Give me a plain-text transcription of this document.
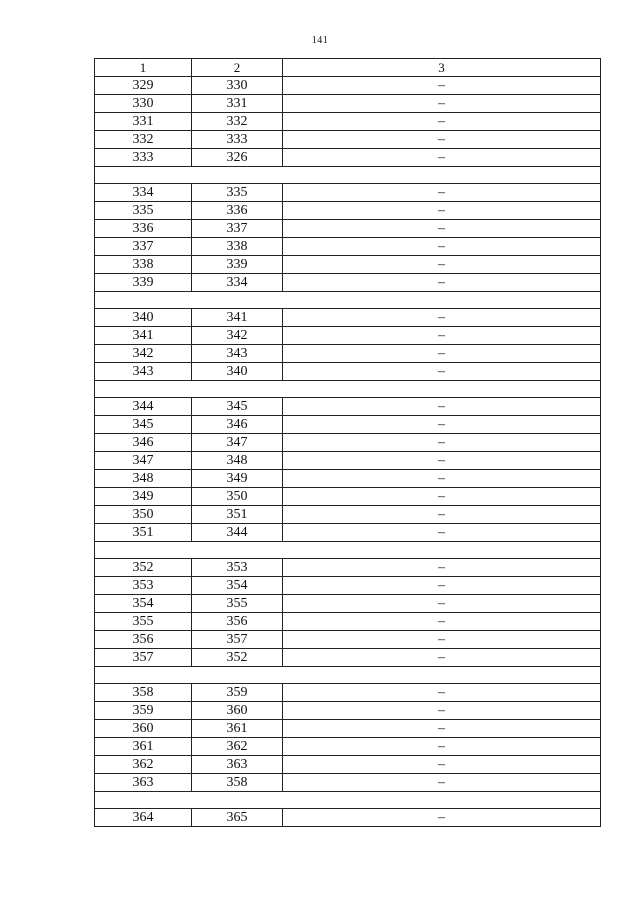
141
1	2	3
329	330	–
330	331	–
331	332	–
332	333	–
333	326	–

334	335	–
335	336	–
336	337	–
337	338	–
338	339	–
339	334	–

340	341	–
341	342	–
342	343	–
343	340	–

344	345	–
345	346	–
346	347	–
347	348	–
348	349	–
349	350	–
350	351	–
351	344	–

352	353	–
353	354	–
354	355	–
355	356	–
356	357	–
357	352	–

358	359	–
359	360	–
360	361	–
361	362	–
362	363	–
363	358	–

364	365	–
